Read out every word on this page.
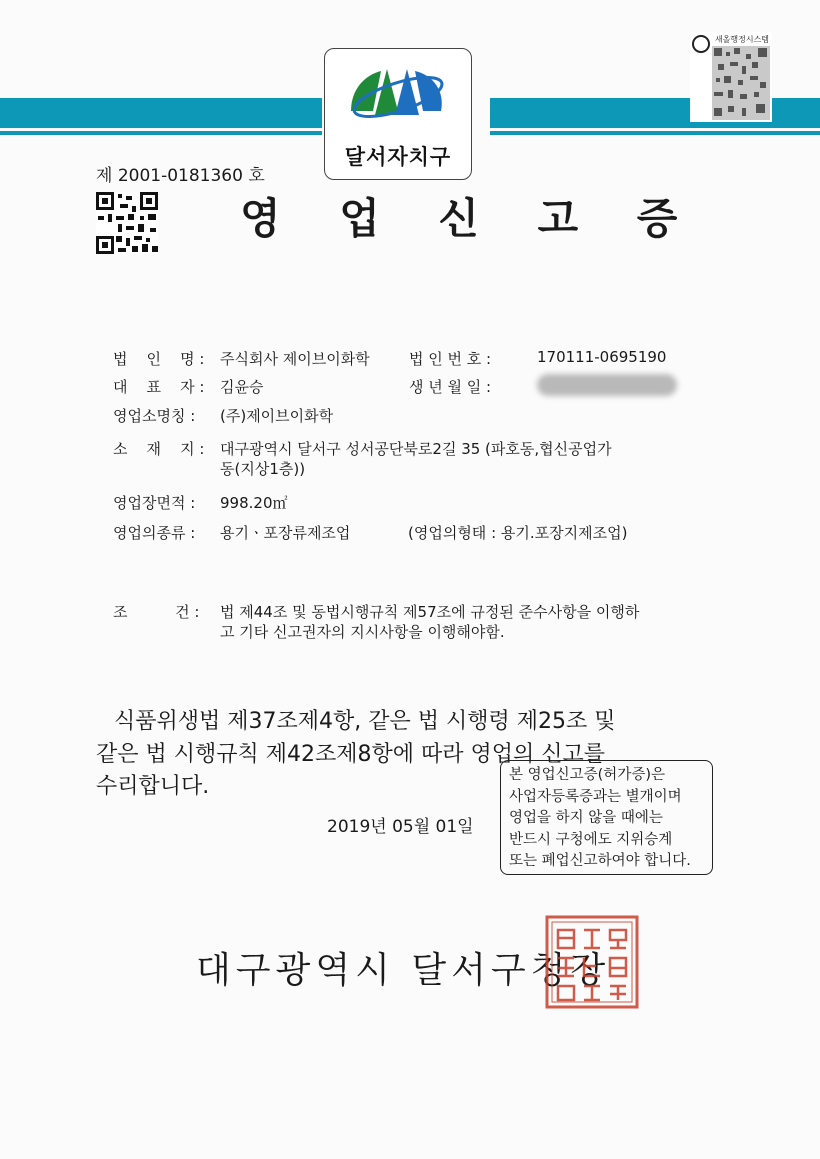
달서자치구
새올행정시스템
제 2001-0181360 호
영 업 신 고 증
법    인    명 : 주식회사 제이브이화학	법 인 번 호 :	170111-0695190
대    표    자 : 김윤승	생 년 월 일 :
영업소명칭 : (주)제이브이화학
소    재    지 : 대구광역시 달서구 성서공단북로2길 35 (파호동,협신공업가
동(지상1층))
영업장면적 : 998.20㎡
영업의종류 : 용기ㆍ포장류제조업	(영업의형태 : 용기.포장지제조업)
조          건 : 법 제44조 및 동법시행규칙 제57조에 규정된 준수사항을 이행하
고 기타 신고권자의 지시사항을 이행해야함.
식품위생법 제37조제4항, 같은 법 시행령 제25조 및
같은 법 시행규칙 제42조제8항에 따라 영업의 신고를
수리합니다.	본 영업신고증(허가증)은
사업자등록증과는 별개이며
영업을 하지 않을 때에는
반드시 구청에도 지위승계
또는 폐업신고하여야 합니다.
2019년 05월 01일
대구광역시 달서구청장
